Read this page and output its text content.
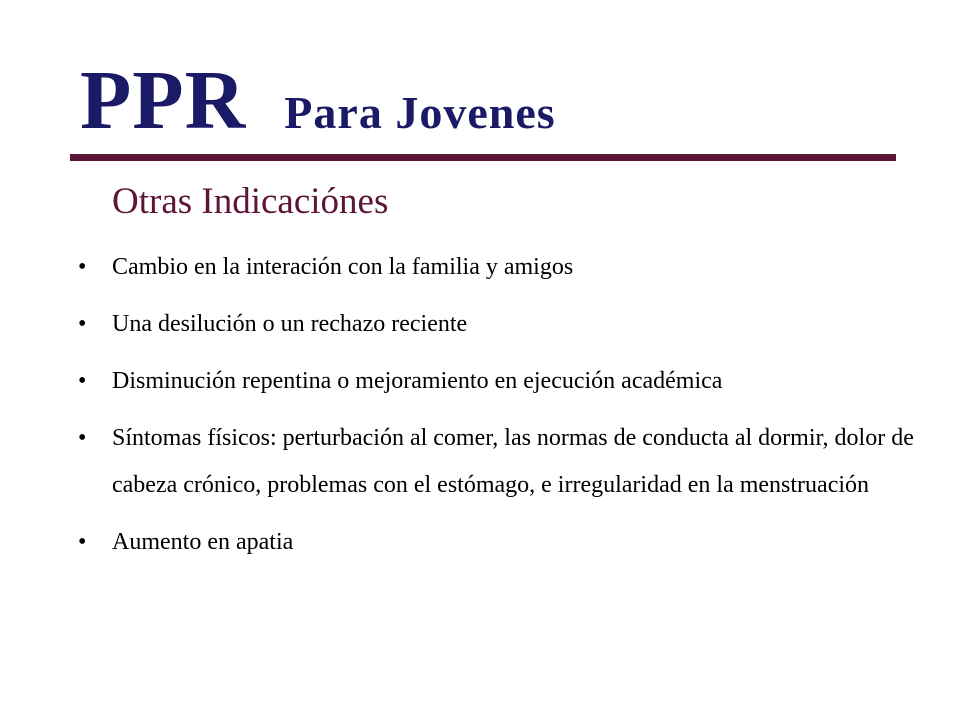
PPR Para Jovenes
Otras Indicaciónes
• Cambio en la interación con la familia y amigos
• Una desilución o un rechazo reciente
• Disminución repentina o mejoramiento en ejecución académica
• Síntomas físicos: perturbación al comer, las normas de conducta al dormir, dolor de cabeza crónico, problemas con el estómago, e irregularidad en la menstruación
• Aumento en apatia
